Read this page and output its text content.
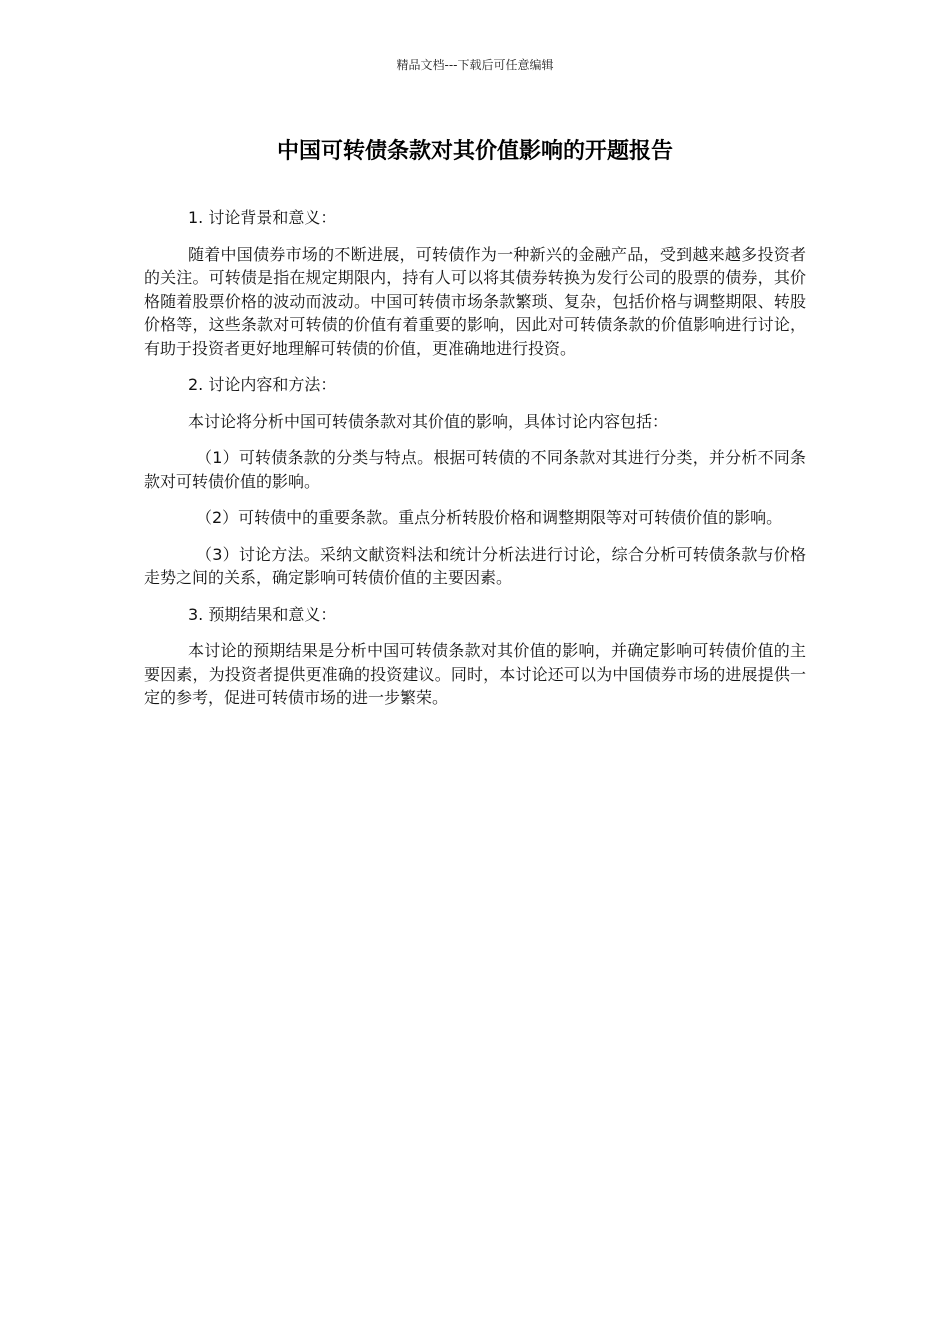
精品文档---下载后可任意编辑
中国可转债条款对其价值影响的开题报告

1. 讨论背景和意义：

随着中国债券市场的不断进展，可转债作为一种新兴的金融产品，受到越来越多投资者的关注。可转债是指在规定期限内，持有人可以将其债券转换为发行公司的股票的债券，其价格随着股票价格的波动而波动。中国可转债市场条款繁琐、复杂，包括价格与调整期限、转股价格等，这些条款对可转债的价值有着重要的影响，因此对可转债条款的价值影响进行讨论，有助于投资者更好地理解可转债的价值，更准确地进行投资。

2. 讨论内容和方法：

本讨论将分析中国可转债条款对其价值的影响，具体讨论内容包括：

（1）可转债条款的分类与特点。根据可转债的不同条款对其进行分类，并分析不同条款对可转债价值的影响。

（2）可转债中的重要条款。重点分析转股价格和调整期限等对可转债价值的影响。

（3）讨论方法。采纳文献资料法和统计分析法进行讨论，综合分析可转债条款与价格走势之间的关系，确定影响可转债价值的主要因素。

3. 预期结果和意义：

本讨论的预期结果是分析中国可转债条款对其价值的影响，并确定影响可转债价值的主要因素，为投资者提供更准确的投资建议。同时，本讨论还可以为中国债券市场的进展提供一定的参考，促进可转债市场的进一步繁荣。
